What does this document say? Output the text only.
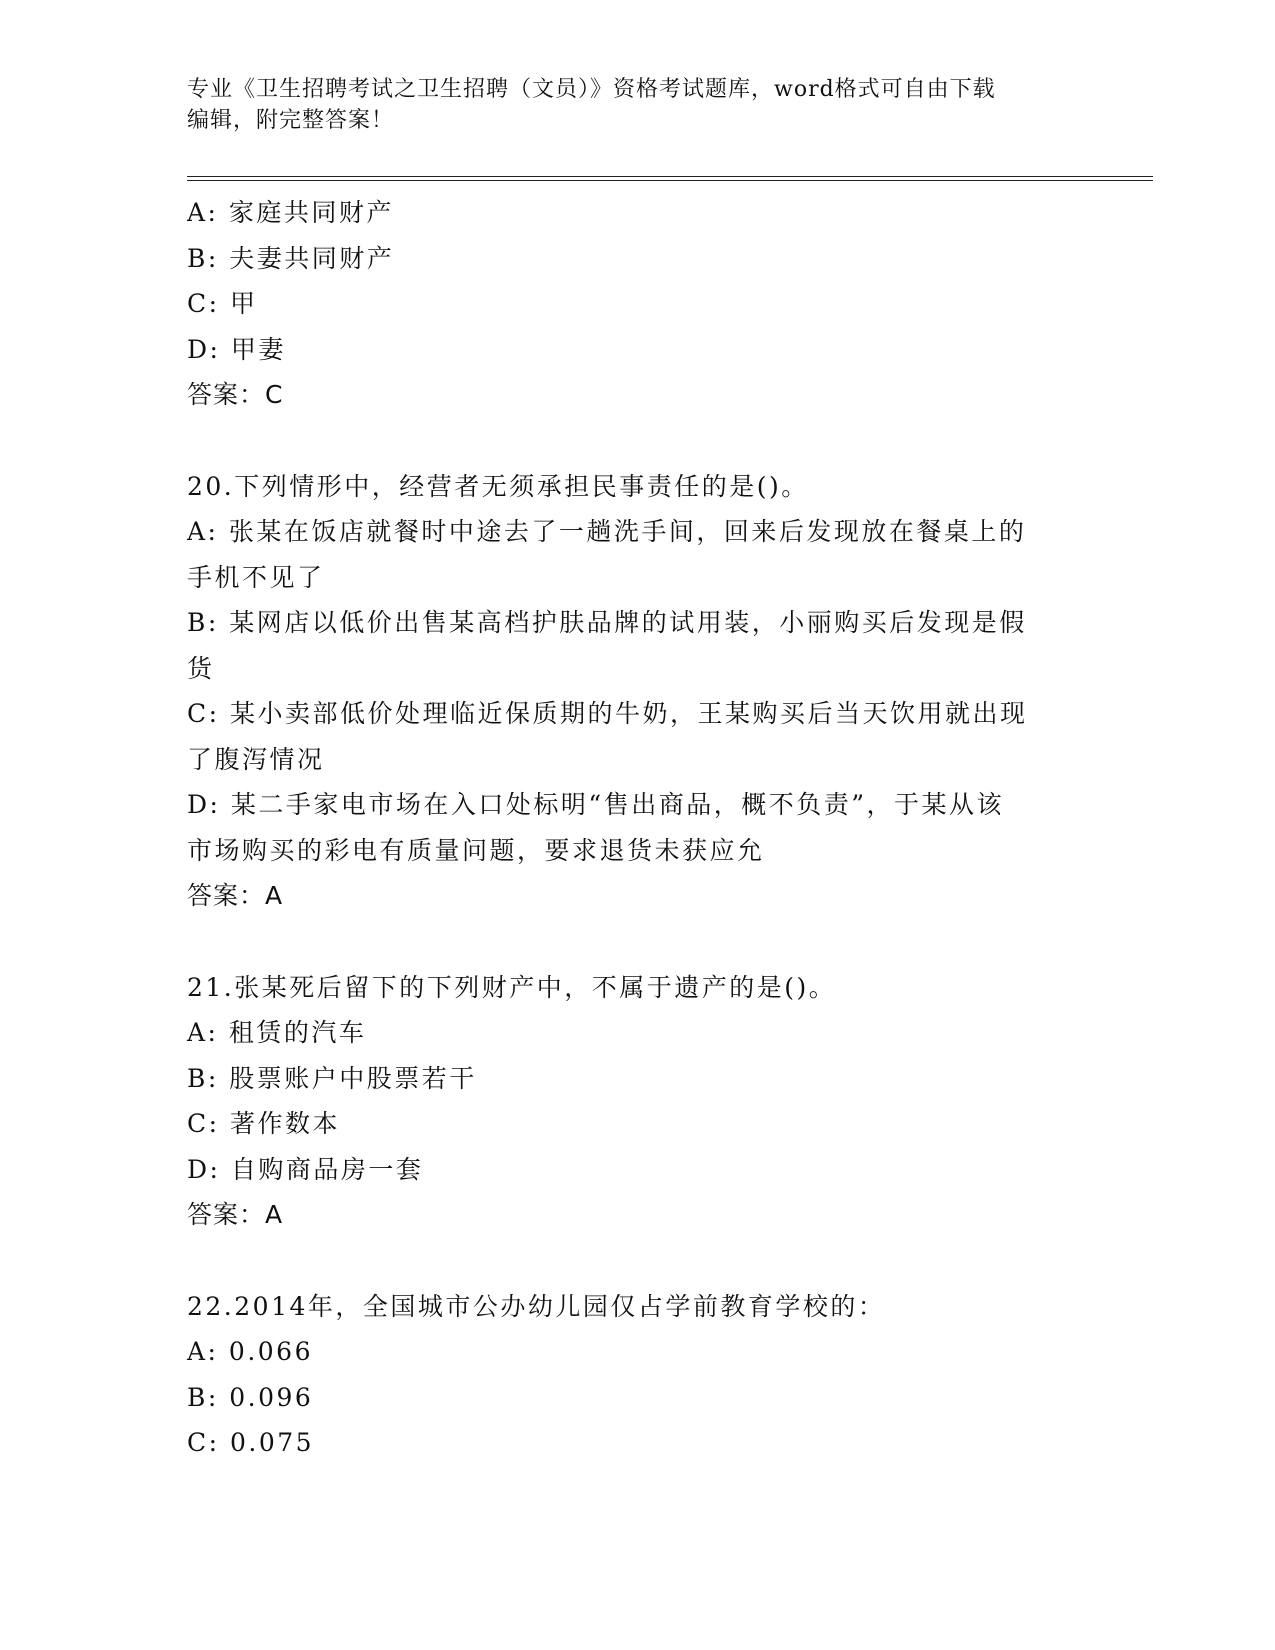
专业《卫生招聘考试之卫生招聘（文员）》资格考试题库，word格式可自由下载
编辑，附完整答案！
A: 家庭共同财产
B: 夫妻共同财产
C: 甲
D: 甲妻
答案：C
20.下列情形中，经营者无须承担民事责任的是()。
A: 张某在饭店就餐时中途去了一趟洗手间，回来后发现放在餐桌上的
手机不见了
B: 某网店以低价出售某高档护肤品牌的试用装，小丽购买后发现是假
货
C: 某小卖部低价处理临近保质期的牛奶，王某购买后当天饮用就出现
了腹泻情况
D: 某二手家电市场在入口处标明“售出商品，概不负责”，于某从该
市场购买的彩电有质量问题，要求退货未获应允
答案：A
21.张某死后留下的下列财产中，不属于遗产的是()。
A: 租赁的汽车
B: 股票账户中股票若干
C: 著作数本
D: 自购商品房一套
答案：A
22.2014年，全国城市公办幼儿园仅占学前教育学校的：
A: 0.066
B: 0.096
C: 0.075
